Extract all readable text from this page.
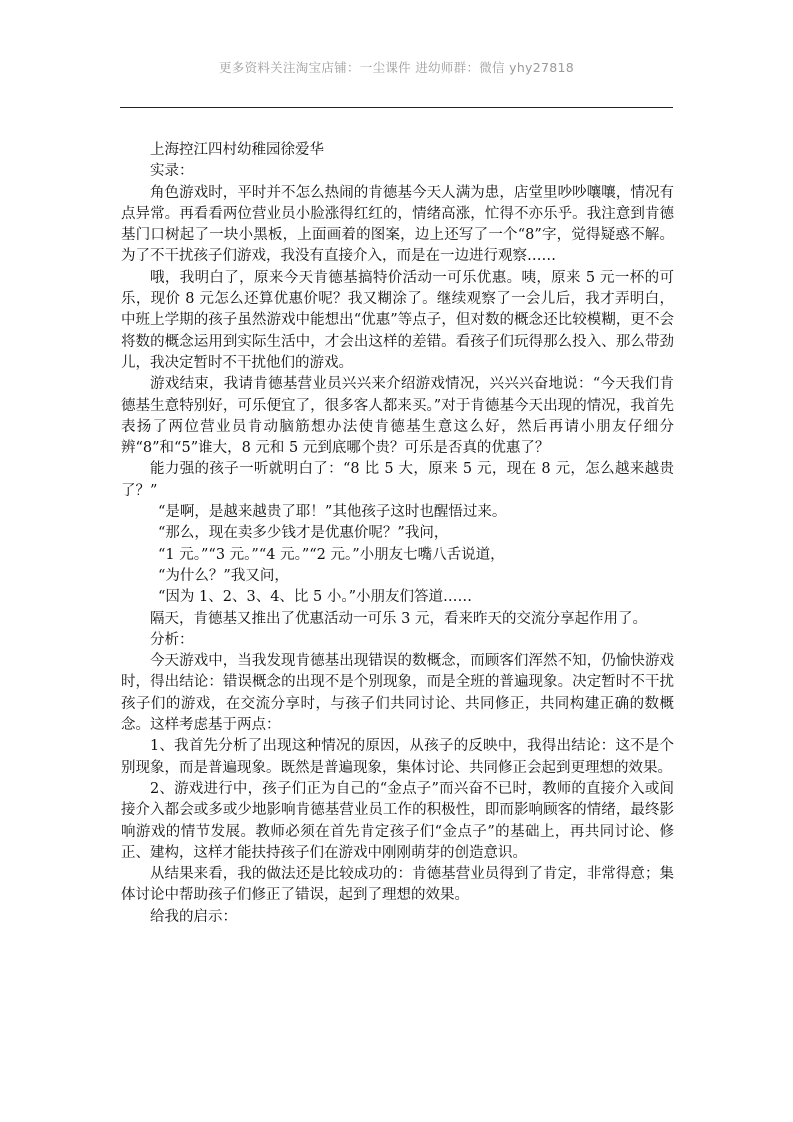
更多资料关注淘宝店铺：一尘课件 进幼师群：微信 yhy27818

上海控江四村幼稚园徐爱华

实录：

角色游戏时，平时并不怎么热闹的肯德基今天人满为患，店堂里吵吵嚷嚷，情况有点异常。再看看两位营业员小脸涨得红红的，情绪高涨，忙得不亦乐乎。我注意到肯德基门口树起了一块小黑板，上面画着的图案，边上还写了一个“8”字，觉得疑惑不解。为了不干扰孩子们游戏，我没有直接介入，而是在一边进行观察……

哦，我明白了，原来今天肯德基搞特价活动一可乐优惠。咦，原来 5 元一杯的可乐，现价 8 元怎么还算优惠价呢？我又糊涂了。继续观察了一会儿后，我才弄明白，中班上学期的孩子虽然游戏中能想出“优惠”等点子，但对数的概念还比较模糊，更不会将数的概念运用到实际生活中，才会出这样的差错。看孩子们玩得那么投入、那么带劲儿，我决定暂时不干扰他们的游戏。

游戏结束，我请肯德基营业员兴兴来介绍游戏情况，兴兴兴奋地说：“今天我们肯德基生意特别好，可乐便宜了，很多客人都来买。”对于肯德基今天出现的情况，我首先表扬了两位营业员肯动脑筋想办法使肯德基生意这么好，然后再请小朋友仔细分辨“8”和“5”谁大，8 元和 5 元到底哪个贵？可乐是否真的优惠了？

能力强的孩子一听就明白了：“8 比 5 大，原来 5 元，现在 8 元，怎么越来越贵了？”

“是啊，是越来越贵了耶！”其他孩子这时也醒悟过来。

“那么，现在卖多少钱才是优惠价呢？”我问，

“1 元。”“3 元。”“4 元。”“2 元。”小朋友七嘴八舌说道，

“为什么？”我又问，

“因为 1、2、3、4、比 5 小。”小朋友们答道……

隔天，肯德基又推出了优惠活动一可乐 3 元，看来昨天的交流分享起作用了。

分析：

今天游戏中，当我发现肯德基出现错误的数概念，而顾客们浑然不知，仍愉快游戏时，得出结论：错误概念的出现不是个别现象，而是全班的普遍现象。决定暂时不干扰孩子们的游戏，在交流分享时，与孩子们共同讨论、共同修正，共同构建正确的数概念。这样考虑基于两点：

1、我首先分析了出现这种情况的原因，从孩子的反映中，我得出结论：这不是个别现象，而是普遍现象。既然是普遍现象，集体讨论、共同修正会起到更理想的效果。

2、游戏进行中，孩子们正为自己的“金点子”而兴奋不已时，教师的直接介入或间接介入都会或多或少地影响肯德基营业员工作的积极性，即而影响顾客的情绪，最终影响游戏的情节发展。教师必须在首先肯定孩子们“金点子”的基础上，再共同讨论、修正、建构，这样才能扶持孩子们在游戏中刚刚萌芽的创造意识。

从结果来看，我的做法还是比较成功的：肯德基营业员得到了肯定，非常得意；集体讨论中帮助孩子们修正了错误，起到了理想的效果。

给我的启示：
